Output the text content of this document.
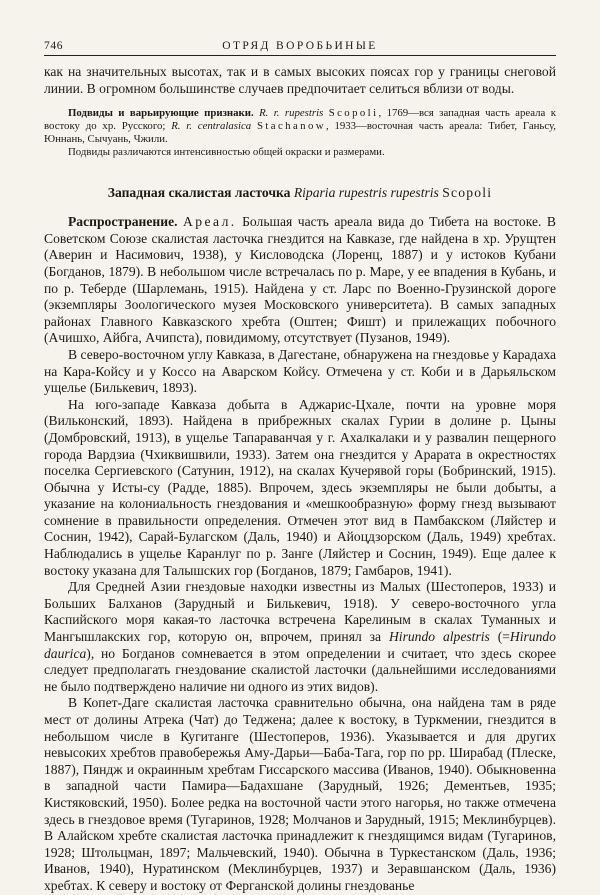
746	ОТРЯД ВОРОБЬИНЫЕ

как на значительных высотах, так и в самых высоких поясах гор у границы снеговой линии. В огромном большинстве случаев предпочитает селиться вблизи от воды.

Подвиды и варьирующие признаки. R. r. rupestris Scopoli, 1769—вся западная часть ареала к востоку до хр. Русского; R. r. centralasica Stachanow, 1933—восточная часть ареала: Тибет, Ганьсу, Юннань, Сычуань, Чжили.

Подвиды различаются интенсивностью общей окраски и размерами.

Западная скалистая ласточка Riparia rupestris rupestris Scopoli

Распространение. Ареал. Большая часть ареала вида до Тибета на востоке. В Советском Союзе скалистая ласточка гнездится на Кавказе, где найдена в хр. Урущтен (Аверин и Насимович, 1938), у Кисловодска (Лоренц, 1887) и у истоков Кубани (Богданов, 1879). В небольшом числе встречалась по р. Маре, у ее впадения в Кубань, и по р. Теберде (Шарлемань, 1915). Найдена у ст. Ларс по Военно-Грузинской дороге (экземпляры Зоологического музея Московского университета). В самых западных районах Главного Кавказского хребта (Оштен; Фишт) и прилежащих побочного (Ачишхо, Айбга, Ачипста), повидимому, отсутствует (Пузанов, 1949).

В северо-восточном углу Кавказа, в Дагестане, обнаружена на гнездовье у Карадаха на Кара-Койсу и у Коссо на Аварском Койсу. Отмечена у ст. Коби и в Дарьяльском ущелье (Билькевич, 1893).

На юго-западе Кавказа добыта в Аджарис-Цхале, почти на уровне моря (Вильконский, 1893). Найдена в прибрежных скалах Гурии в долине р. Цыны (Домбровский, 1913), в ущелье Тапараванчая у г. Ахалкалаки и у развалин пещерного города Вардзиа (Чхиквишвили, 1933). Затем она гнездится у Арарата в окрестностях поселка Сергиевского (Сатунин, 1912), на скалах Кучерявой горы (Бобринский, 1915). Обычна у Исты-су (Радде, 1885). Впрочем, здесь экземпляры не были добыты, а указание на колониальность гнездования и «мешкообразную» форму гнезд вызывают сомнение в правильности определения. Отмечен этот вид в Памбакском (Ляйстер и Соснин, 1942), Сарай-Булагском (Даль, 1940) и Айоцдзорском (Даль, 1949) хребтах. Наблюдались в ущелье Каранлуг по р. Занге (Ляйстер и Соснин, 1949). Еще далее к востоку указана для Талышских гор (Богданов, 1879; Гамбаров, 1941).

Для Средней Азии гнездовые находки известны из Малых (Шестоперов, 1933) и Больших Балханов (Зарудный и Билькевич, 1918). У северо-восточного угла Каспийского моря какая-то ласточка встречена Карелиным в скалах Туманных и Мангышлакских гор, которую он, впрочем, принял за Hirundo alpestris (=Hirundo daurica), но Богданов сомневается в этом определении и считает, что здесь скорее следует предполагать гнездование скалистой ласточки (дальнейшими исследованиями не было подтверждено наличие ни одного из этих видов).

В Копет-Даге скалистая ласточка сравнительно обычна, она найдена там в ряде мест от долины Атрека (Чат) до Теджена; далее к востоку, в Туркмении, гнездится в небольшом числе в Кугитанге (Шестоперов, 1936). Указывается и для других невысоких хребтов правобережья Аму-Дарьи—Баба-Тага, гор по рр. Ширабад (Плеске, 1887), Пяндж и окраинным хребтам Гиссарского массива (Иванов, 1940). Обыкновенна в западной части Памира—Бадахшане (Зарудный, 1926; Дементьев, 1935; Кистяковский, 1950). Более редка на восточной части этого нагорья, но также отмечена здесь в гнездовое время (Тугаринов, 1928; Молчанов и Зарудный, 1915; Меклинбурцев). В Алайском хребте скалистая ласточка принадлежит к гнездящимся видам (Тугаринов, 1928; Штольцман, 1897; Мальчевский, 1940). Обычна в Туркестанском (Даль, 1936; Иванов, 1940), Нуратинском (Меклинбурцев, 1937) и Зеравшанском (Даль, 1936) хребтах. К северу и востоку от Ферганской долины гнездованье
